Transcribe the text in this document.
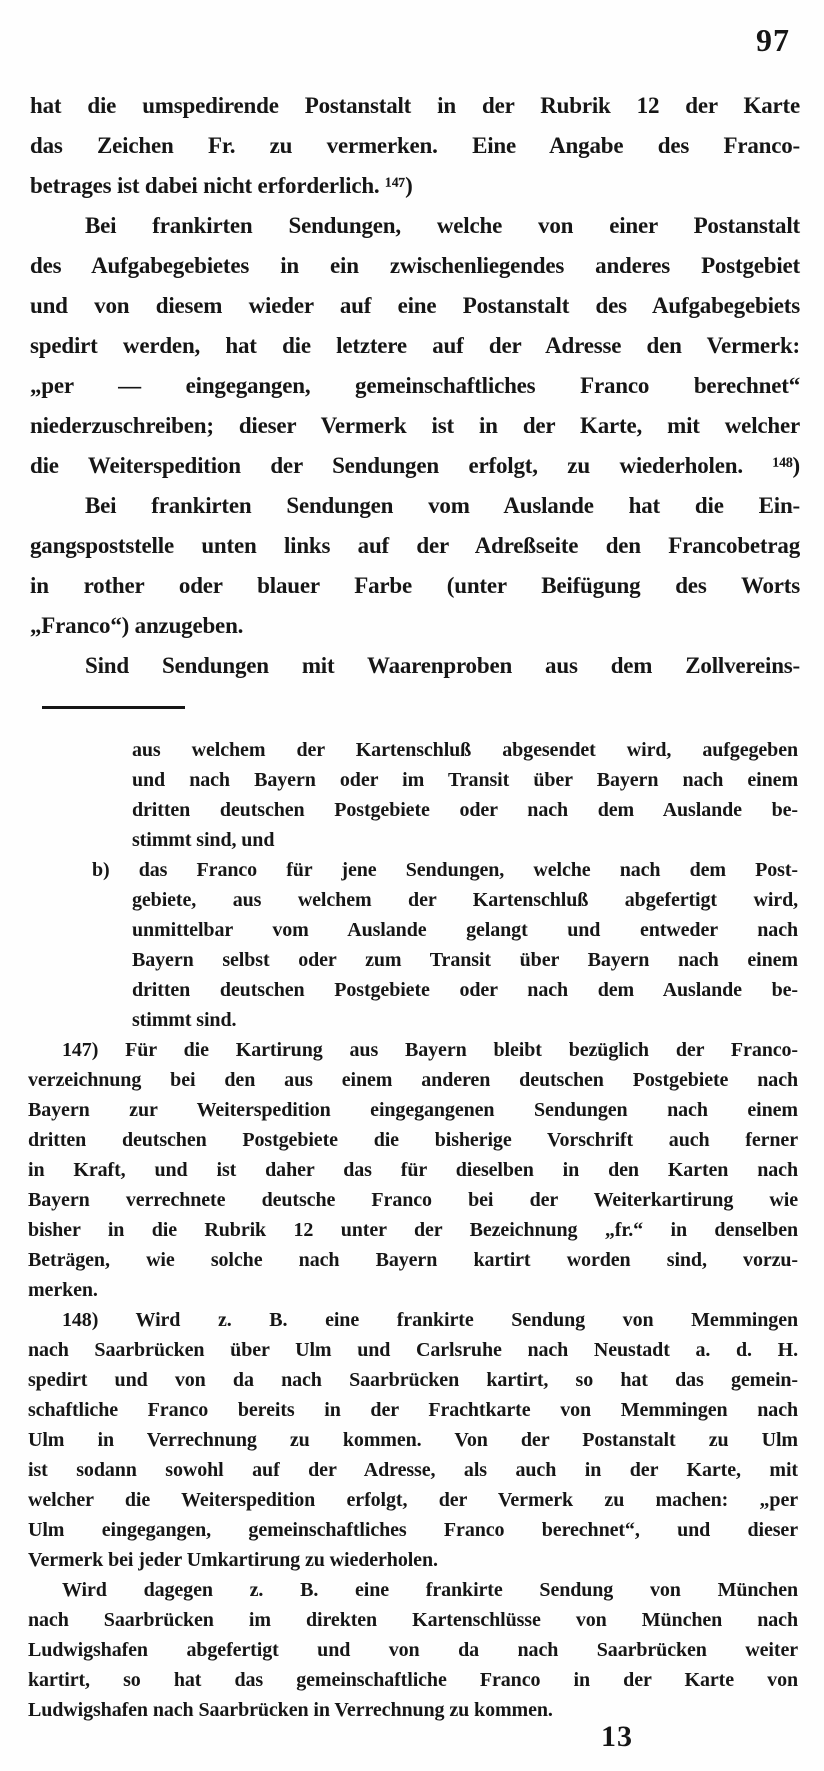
97
hat die umspedirende Postanstalt in der Rubrik 12 der Karte
das Zeichen Fr. zu vermerken. Eine Angabe des Franco-
betrages ist dabei nicht erforderlich. ¹⁴⁷)
Bei frankirten Sendungen, welche von einer Postanstalt
des Aufgabegebietes in ein zwischenliegendes anderes Postgebiet
und von diesem wieder auf eine Postanstalt des Aufgabegebiets
spedirt werden, hat die letztere auf der Adresse den Vermerk:
„per — eingegangen, gemeinschaftliches Franco berechnet“
niederzuschreiben; dieser Vermerk ist in der Karte, mit welcher
die Weiterspedition der Sendungen erfolgt, zu wiederholen. ¹⁴⁸)
Bei frankirten Sendungen vom Auslande hat die Ein-
gangspoststelle unten links auf der Adreßseite den Francobetrag
in rother oder blauer Farbe (unter Beifügung des Worts
„Franco“) anzugeben.
Sind Sendungen mit Waarenproben aus dem Zollvereins-
aus welchem der Kartenschluß abgesendet wird, aufgegeben
und nach Bayern oder im Transit über Bayern nach einem
dritten deutschen Postgebiete oder nach dem Auslande be-
stimmt sind, und
b) das Franco für jene Sendungen, welche nach dem Post-
gebiete, aus welchem der Kartenschluß abgefertigt wird,
unmittelbar vom Auslande gelangt und entweder nach
Bayern selbst oder zum Transit über Bayern nach einem
dritten deutschen Postgebiete oder nach dem Auslande be-
stimmt sind.
147) Für die Kartirung aus Bayern bleibt bezüglich der Franco-
verzeichnung bei den aus einem anderen deutschen Postgebiete nach
Bayern zur Weiterspedition eingegangenen Sendungen nach einem
dritten deutschen Postgebiete die bisherige Vorschrift auch ferner
in Kraft, und ist daher das für dieselben in den Karten nach
Bayern verrechnete deutsche Franco bei der Weiterkartirung wie
bisher in die Rubrik 12 unter der Bezeichnung „fr.“ in denselben
Beträgen, wie solche nach Bayern kartirt worden sind, vorzu-
merken.
148) Wird z. B. eine frankirte Sendung von Memmingen
nach Saarbrücken über Ulm und Carlsruhe nach Neustadt a. d. H.
spedirt und von da nach Saarbrücken kartirt, so hat das gemein-
schaftliche Franco bereits in der Frachtkarte von Memmingen nach
Ulm in Verrechnung zu kommen. Von der Postanstalt zu Ulm
ist sodann sowohl auf der Adresse, als auch in der Karte, mit
welcher die Weiterspedition erfolgt, der Vermerk zu machen: „per
Ulm eingegangen, gemeinschaftliches Franco berechnet“, und dieser
Vermerk bei jeder Umkartirung zu wiederholen.
Wird dagegen z. B. eine frankirte Sendung von München
nach Saarbrücken im direkten Kartenschlüsse von München nach
Ludwigshafen abgefertigt und von da nach Saarbrücken weiter
kartirt, so hat das gemeinschaftliche Franco in der Karte von
Ludwigshafen nach Saarbrücken in Verrechnung zu kommen.
13
